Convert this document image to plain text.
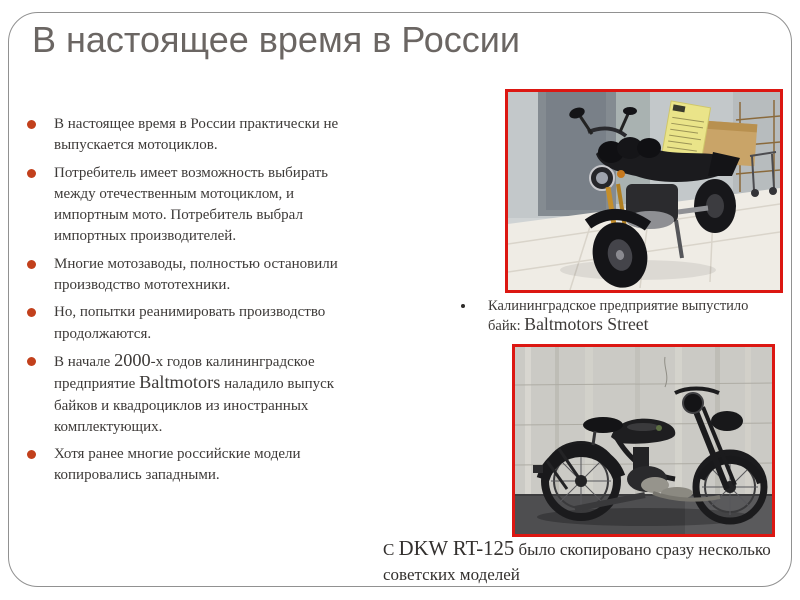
В настоящее время в России
В настоящее время в России практически не выпускается мотоциклов.
Потребитель имеет возможность выбирать между отечественным мотоциклом, и импортным мото. Потребитель выбрал импортных производителей.
Многие мотозаводы, полностью остановили производство мототехники.
Но, попытки реанимировать производство продолжаются.
В начале 2000-х годов калининградское предприятие Baltmotors наладило выпуск байков и квадроциклов из иностранных комплектующих.
Хотя ранее многие российские модели копировались западными.
Калининградское предприятие выпустило байк: Baltmotors Street
С DKW RT-125 было скопировано сразу несколько советских моделей
